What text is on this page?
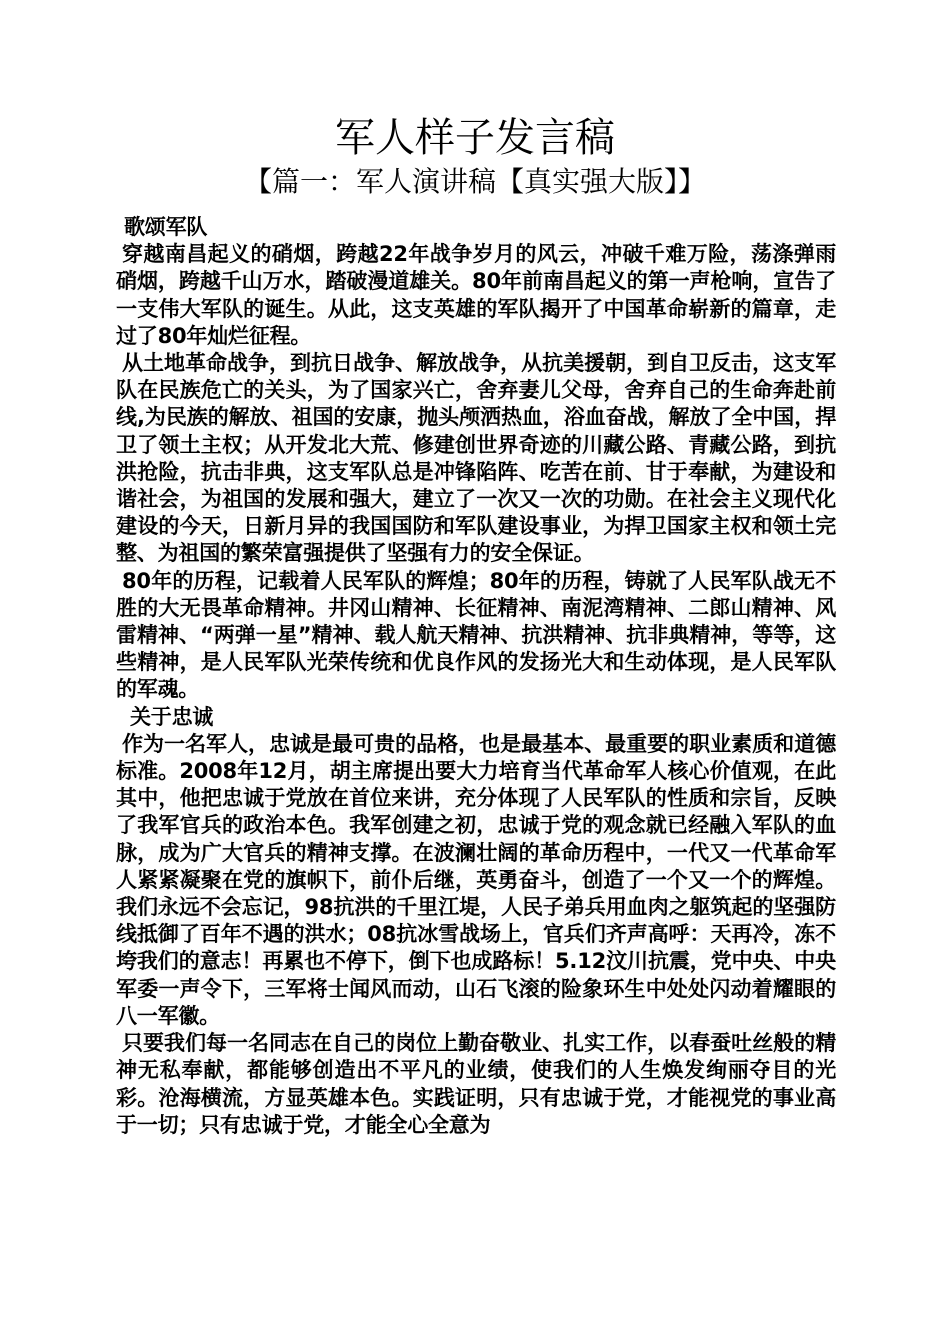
军人样子发言稿
【篇一：军人演讲稿【真实强大版】】

歌颂军队

穿越南昌起义的硝烟，跨越22年战争岁月的风云，冲破千难万险，荡涤弹雨硝烟，跨越千山万水，踏破漫道雄关。80年前南昌起义的第一声枪响，宣告了一支伟大军队的诞生。从此，这支英雄的军队揭开了中国革命崭新的篇章，走过了80年灿烂征程。

从土地革命战争，到抗日战争、解放战争，从抗美援朝，到自卫反击，这支军队在民族危亡的关头，为了国家兴亡，舍弃妻儿父母，舍弃自己的生命奔赴前线,为民族的解放、祖国的安康，抛头颅洒热血，浴血奋战，解放了全中国，捍卫了领土主权；从开发北大荒、修建创世界奇迹的川藏公路、青藏公路，到抗洪抢险，抗击非典，这支军队总是冲锋陷阵、吃苦在前、甘于奉献，为建设和谐社会，为祖国的发展和强大，建立了一次又一次的功勋。在社会主义现代化建设的今天，日新月异的我国国防和军队建设事业，为捍卫国家主权和领土完整、为祖国的繁荣富强提供了坚强有力的安全保证。

80年的历程，记载着人民军队的辉煌；80年的历程，铸就了人民军队战无不胜的大无畏革命精神。井冈山精神、长征精神、南泥湾精神、二郎山精神、风雷精神、“两弹一星”精神、载人航天精神、抗洪精神、抗非典精神，等等，这些精神，是人民军队光荣传统和优良作风的发扬光大和生动体现，是人民军队的军魂。

关于忠诚

作为一名军人，忠诚是最可贵的品格，也是最基本、最重要的职业素质和道德标准。2008年12月，胡主席提出要大力培育当代革命军人核心价值观，在此其中，他把忠诚于党放在首位来讲，充分体现了人民军队的性质和宗旨，反映了我军官兵的政治本色。我军创建之初，忠诚于党的观念就已经融入军队的血脉，成为广大官兵的精神支撑。在波澜壮阔的革命历程中，一代又一代革命军人紧紧凝聚在党的旗帜下，前仆后继，英勇奋斗，创造了一个又一个的辉煌。我们永远不会忘记，98抗洪的千里江堤，人民子弟兵用血肉之躯筑起的坚强防线抵御了百年不遇的洪水；08抗冰雪战场上，官兵们齐声高呼：天再冷，冻不垮我们的意志！再累也不停下，倒下也成路标！5.12汶川抗震，党中央、中央军委一声令下，三军将士闻风而动，山石飞滚的险象环生中处处闪动着耀眼的八一军徽。

只要我们每一名同志在自己的岗位上勤奋敬业、扎实工作，以春蚕吐丝般的精神无私奉献，都能够创造出不平凡的业绩，使我们的人生焕发绚丽夺目的光彩。沧海横流，方显英雄本色。实践证明，只有忠诚于党，才能视党的事业高于一切；只有忠诚于党，才能全心全意为
